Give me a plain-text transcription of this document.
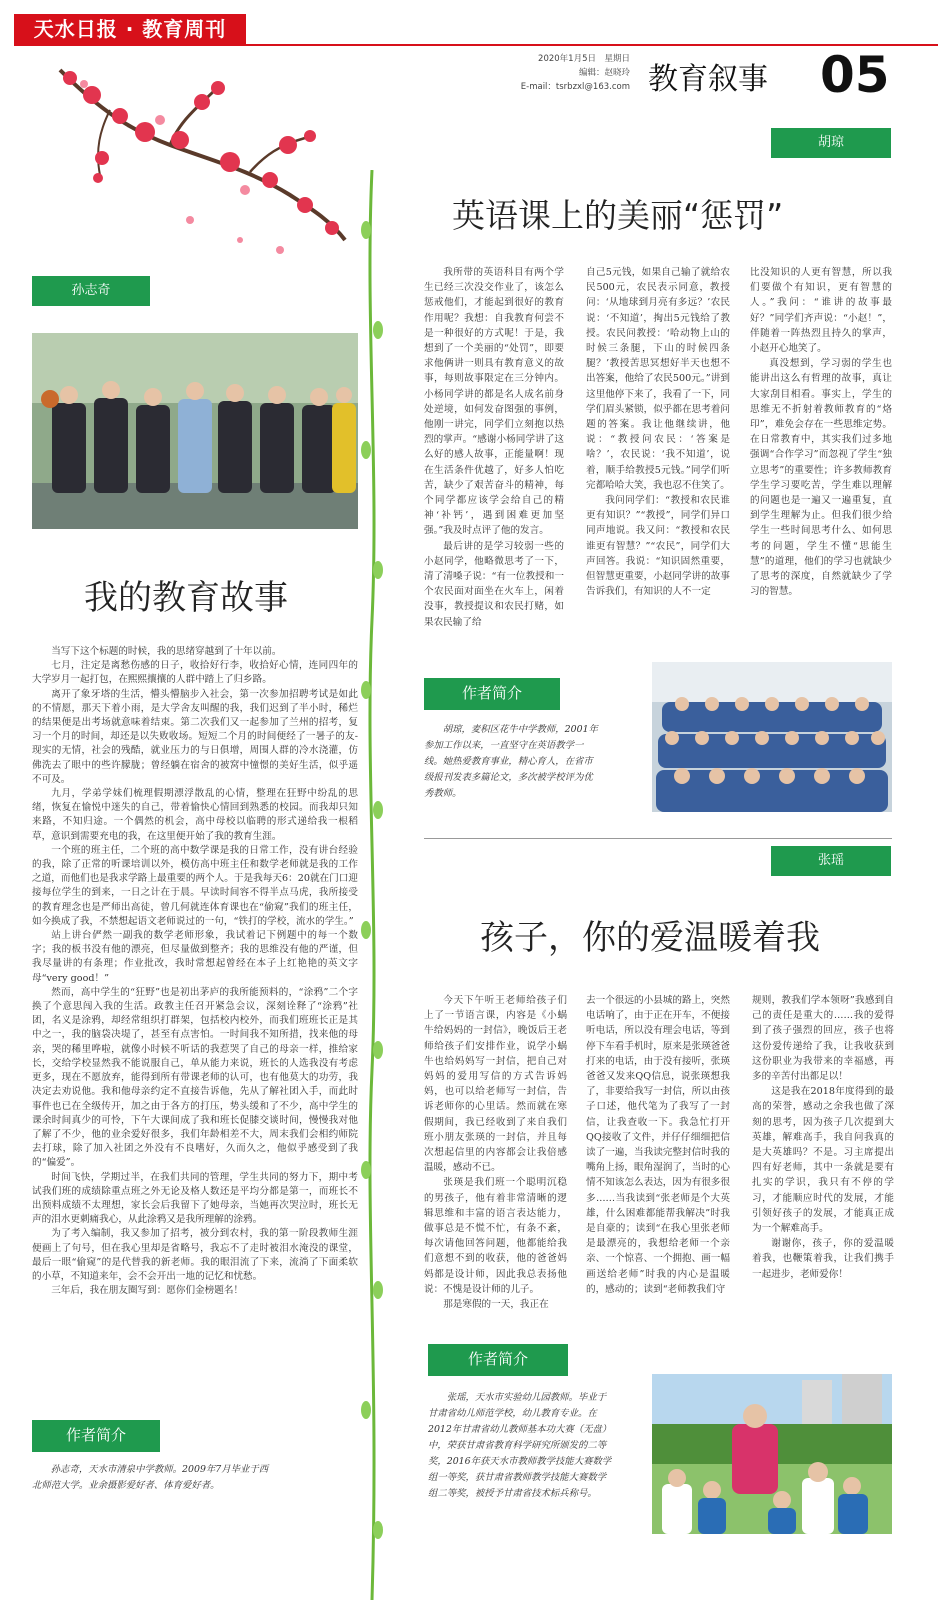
天水日报 · 教育周刊
2020年1月5日　星期日
编辑：赵晓玲
E-mail：tsrbzxl@163.com 教育叙事 05
孙志奇
我的教育故事

当写下这个标题的时候，我的思绪穿越到了十年以前。

七月，注定是离愁伤感的日子，收拾好行李，收拾好心情，连同四年的大学岁月一起打包，在熙熙攘攘的人群中踏上了归乡路。

离开了象牙塔的生活，懵头懵脑步入社会，第一次参加招聘考试是如此的不情愿，那天下着小雨，是大学舍友叫醒的我，我们迟到了半小时，稀烂的结果便是出考场就意味着结束。第二次我们又一起参加了兰州的招考，复习一个月的时间，却还是以失败收场。短短二个月的时间便经了一暑子的友-现实的无情，社会的残酷，就业压力的与日俱增，周围人群的冷水浇灌，仿佛洗去了眼中的些许朦胧；曾经躺在宿舍的被窝中憧憬的美好生活，似乎遥不可及。

九月，学弟学妹们梳理假期漂浮散乱的心情，整理在狂野中纷乱的思绪，恢复在愉悦中迷失的自己，带着愉快心情回到熟悉的校园。而我却只知来路，不知归途。一个偶然的机会，高中母校以临聘的形式递给我一根稻草，意识到需要充电的我，在这里便开始了我的教育生涯。

一个班的班主任，二个班的高中数学课是我的日常工作，没有讲台经验的我，除了正常的听课培训以外，模仿高中班主任和数学老师就是我的工作之道，而他们也是我求学路上最重要的两个人。于是我每天6：20就在门口迎接每位学生的到来，一日之计在于晨。早读时间容不得半点马虎，我所接受的教育理念也是严师出高徒，曾几何就连体育课也在“偷窥”我们的班主任，如今换成了我，不禁想起语文老师说过的一句，“铁打的学校，流水的学生。”

站上讲台俨然一副我的数学老师形象，我试着记下例题中的每一个数字；我的板书没有他的漂亮，但尽量做到整齐；我的思维没有他的严谨，但我尽量讲的有条理；作业批改，我时常想起曾经在本子上红艳艳的英文字母“very good！”

然而，高中学生的“狂野”也是初出茅庐的我所能预料的，“涂鸦”二个字换了个意思闯入我的生活。政教主任召开紧急会议，深刻诠释了“涂鸦”社团，名义是涂鸦，却经常组织打群架，包括校内校外，而我们班班长正是其中之一，我的脑袋决堤了，甚至有点害怕。一时间我不知所措，找来他的母亲，哭的稀里哗啦，就像小时候不听话的我惹哭了自己的母亲一样，推给家长，交给学校显然我不能说服自己，单从能力来说，班长的人选我没有考虑更多，现在不愿放弃，能得到所有带课老师的认可，也有他莫大的功劳，我决定去劝说他。我和他母亲约定不直接告诉他，先从了解社团入手，而此时事件也已在全级传开，加之由于各方的打压，势头缓和了不少，高中学生的课余时间真少的可怜，下午大课间成了我和班长促膝交谈时间，慢慢我对他了解了不少，他的业余爱好很多，我们年龄相差不大，周末我们会相约师院去打球，除了加入社团之外没有不良嗜好，久而久之，他似乎感受到了我的“偏爱”。

时间飞快，学期过半，在我们共同的管理，学生共同的努力下，期中考试我们班的成绩除重点班之外无论及格人数还是平均分都是第一，而班长不出预料成绩不太理想，家长会后我留下了她母亲，当她再次哭泣时，班长无声的泪水更刺痛我心，从此涂鸦又是我所理解的涂鸦。

为了考入编制，我又参加了招考，被分到农村，我的第一阶段教师生涯便画上了句号，但在我心里却是省略号，我忘不了走时被泪水淹没的课堂，最后一眼“偷窥”的是代替我的新老师。我的眼泪流了下来，流淌了下面柔软的小草，不知道来年，会不会开出一地的记忆和忧愁。

三年后，我在朋友圈写到：愿你们金榜题名！

作者简介

孙志奇，天水市清泉中学教师。2009年7月毕业于西北师范大学。业余摄影爱好者、体育爱好者。

胡琼
英语课上的美丽“惩罚”

我所带的英语科目有两个学生已经三次没交作业了，该怎么惩戒他们，才能起到很好的教育作用呢？我想：自我教育何尝不是一种很好的方式呢！于是，我想到了一个美丽的“处罚”，即要求他俩讲一则具有教育意义的故事，每则故事限定在三分钟内。小杨同学讲的都是名人成名前身处逆境，如何发奋图强的事例，他刚一讲完，同学们立刻抱以热烈的掌声。“感谢小杨同学讲了这么好的感人故事，正能量啊！现在生活条件优越了，好多人怕吃苦，缺少了艰苦奋斗的精神，每个同学都应该学会给自己的精神‘补钙’，遇到困难更加坚强。”我及时点评了他的发言。

最后讲的是学习较弱一些的小赵同学，他略微思考了一下，清了清嗓子说：“有一位教授和一个农民面对面坐在火车上，闲着没事，教授提议和农民打赌，如果农民输了给

自己5元钱，如果自己输了就给农民500元，农民表示同意，教授问：‘从地球到月亮有多远？’农民说：‘不知道’，掏出5元钱给了教授。农民问教授：‘哈动物上山的时候三条腿，下山的时候四条腿？’教授苦思冥想好半天也想不出答案，他给了农民500元。”讲到这里他停下来了，我看了一下，同学们眉头紧锁，似乎都在思考着问题的答案。我让他继续讲，他说：“教授问农民：‘答案是啥？’，农民说：‘我不知道’，说着，顺手给教授5元钱。”同学们听完都哈哈大笑，我也忍不住笑了。

我问同学们：“教授和农民谁更有知识？”“教授”，同学们异口同声地说。我又问：“教授和农民谁更有智慧？”“农民”，同学们大声回答。我说：“知识固然重要，但智慧更重要，小赵同学讲的故事告诉我们，有知识的人不一定

比没知识的人更有智慧，所以我们要做个有知识，更有智慧的人。”我问：“谁讲的故事最好？”同学们齐声说：“小赵！”，伴随着一阵热烈且持久的掌声，小赵开心地笑了。

真没想到，学习弱的学生也能讲出这么有哲理的故事，真让大家刮目相看。事实上，学生的思维无不折射着教师教育的“烙印”，难免会存在一些思维定势。在日常教育中，其实我们过多地强调“合作学习”而忽视了学生“独立思考”的重要性；许多教师教育学生学习要吃苦，学生难以理解的问题也是一遍又一遍重复，直到学生理解为止。但我们很少给学生一些时间思考什么、如何思考的问题，学生不懂“思能生慧”的道理，他们的学习也就缺少了思考的深度，自然就缺少了学习的智慧。

作者简介

胡琼，麦积区花牛中学教师，2001年参加工作以来，一直坚守在英语教学一线。她热爱教育事业，精心育人，在省市级报刊发表多篇论文，多次被学校评为优秀教师。

张瑶
孩子，你的爱温暖着我

今天下午听王老师给孩子们上了一节语言课，内容是《小蜗牛给妈妈的一封信》，晚饭后王老师给孩子们安排作业，说学小蜗牛也给妈妈写一封信，把自己对妈妈的爱用写信的方式告诉妈妈，也可以给老师写一封信，告诉老师你的心里话。然而就在寒假期间，我已经收到了来自我们班小朋友张瑛的一封信，并且每次想起信里的内容都会让我倍感温暖，感动不已。

张瑛是我们班一个聪明沉稳的男孩子，他有着非常清晰的逻辑思维和丰富的语言表达能力，做事总是不慌不忙，有条不紊，每次请他回答问题，他都能给我们意想不到的收获，他的爸爸妈妈都是设计师，因此我总表扬他说：不愧是设计师的儿子。

那是寒假的一天，我正在

去一个很远的小县城的路上，突然电话响了，由于正在开车，不便接听电话，所以没有理会电话，等到停下车看手机时，原来是张瑛爸爸打来的电话，由于没有接听，张瑛爸爸又发来QQ信息，说张瑛想我了，非要给我写一封信，所以由孩子口述，他代笔为了我写了一封信，让我查收一下。我急忙打开QQ接收了文件，并仔仔细细把信读了一遍，当我读完整封信时我的嘴角上扬，眼角湿润了，当时的心情不知该怎么表达，因为有很多很多……当我读到“张老师是个大英雄，什么困难都能帮我解决”时我是自豪的；读到“在我心里张老师是最漂亮的，我想给老师一个亲亲、一个惊喜、一个拥抱、画一幅画送给老师”时我的内心是温暖的，感动的；读到“老师教我们守

规则，教我们学本领呀”我感到自己的责任是重大的……我的爱得到了孩子强烈的回应，孩子也将这份爱传递给了我，让我收获到这份职业为我带来的幸福感，再多的辛苦付出都足以！

这是我在2018年度得到的最高的荣誉，感动之余我也做了深刻的思考，因为孩子几次提到大英雄，解难高手，我自问我真的是大英雄吗？不是。习主席提出四有好老师，其中一条就是要有扎实的学识，我只有不停的学习，才能顺应时代的发展，才能引领好孩子的发展，才能真正成为一个解难高手。

谢谢你，孩子，你的爱温暖着我，也鞭策着我，让我们携手一起进步，老师爱你！

作者简介

张瑶，天水市实验幼儿园教师。毕业于甘肃省幼儿师范学校，幼儿教育专业。在2012年甘肃省幼儿教师基本功大赛（无盘）中，荣获甘肃省教育科学研究所颁发的二等奖，2016年获天水市教师教学技能大赛数学组一等奖，获甘肃省教师教学技能大赛数学组二等奖，被授予甘肃省技术标兵称号。
